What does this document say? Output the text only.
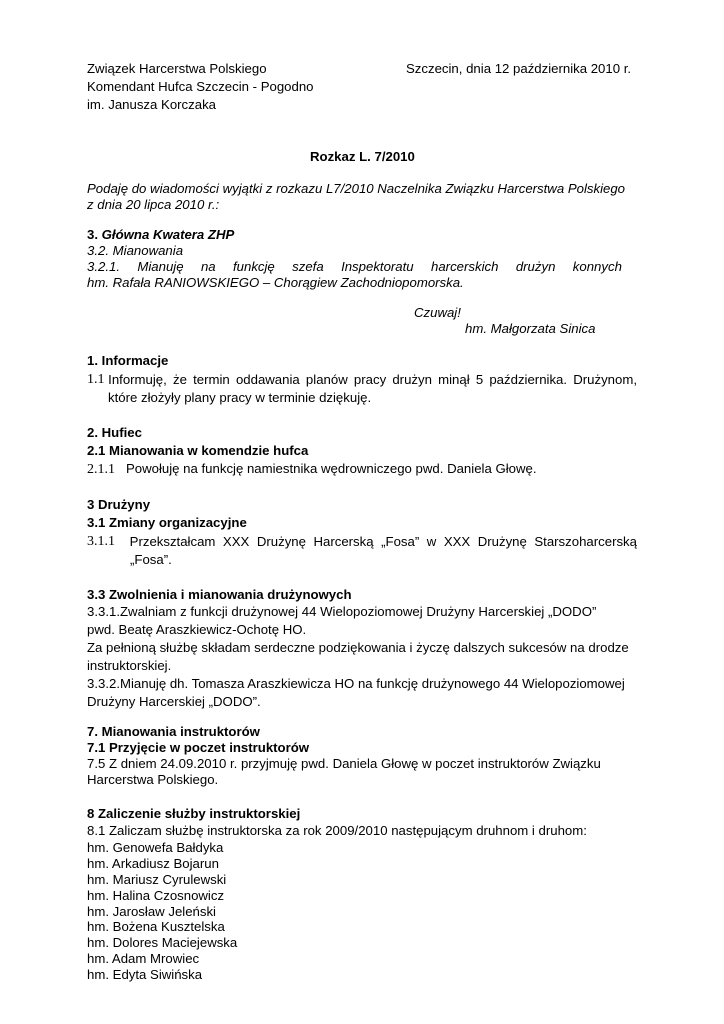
Związek Harcerstwa Polskiego	Szczecin, dnia 12 października 2010 r.
Komendant Hufca Szczecin - Pogodno
im. Janusza Korczaka
Rozkaz L. 7/2010
Podaję do wiadomości wyjątki z rozkazu L7/2010 Naczelnika Związku Harcerstwa Polskiego
z dnia 20 lipca 2010 r.:
3. Główna Kwatera ZHP
3.2. Mianowania
3.2.1. Mianuję na funkcję szefa Inspektoratu harcerskich drużyn konnych
hm. Rafała RANIOWSKIEGO – Chorągiew Zachodniopomorska.
Czuwaj!
hm. Małgorzata Sinica
1. Informacje
1.1
Informuję, że termin oddawania planów pracy drużyn minął 5 października. Drużynom,
które złożyły plany pracy w terminie dziękuję.
2. Hufiec
2.1 Mianowania w komendzie hufca
2.1.1 Powołuję na funkcję namiestnika wędrowniczego pwd. Daniela Głowę.
3 Drużyny
3.1 Zmiany organizacyjne
3.1.1
Przekształcam XXX Drużynę Harcerską „Fosa” w XXX Drużynę Starszoharcerską
„Fosa”.
3.3 Zwolnienia i mianowania drużynowych
3.3.1.Zwalniam z funkcji drużynowej 44 Wielopoziomowej Drużyny Harcerskiej „DODO”
pwd. Beatę Araszkiewicz-Ochotę HO.
Za pełnioną służbę składam serdeczne podziękowania i życzę dalszych sukcesów na drodze
instruktorskiej.
3.3.2.Mianuję dh. Tomasza Araszkiewicza HO na funkcję drużynowego 44 Wielopoziomowej
Drużyny Harcerskiej „DODO”.
7. Mianowania instruktorów
7.1 Przyjęcie w poczet instruktorów
7.5 Z dniem 24.09.2010 r. przyjmuję pwd. Daniela Głowę w poczet instruktorów Związku
Harcerstwa Polskiego.
8 Zaliczenie służby instruktorskiej
8.1 Zaliczam służbę instruktorska za rok 2009/2010 następującym druhnom i druhom:
hm. Genowefa Bałdyka
hm. Arkadiusz Bojarun
hm. Mariusz Cyrulewski
hm. Halina Czosnowicz
hm. Jarosław Jeleński
hm. Bożena Kusztelska
hm. Dolores Maciejewska
hm. Adam Mrowiec
hm. Edyta Siwińska
